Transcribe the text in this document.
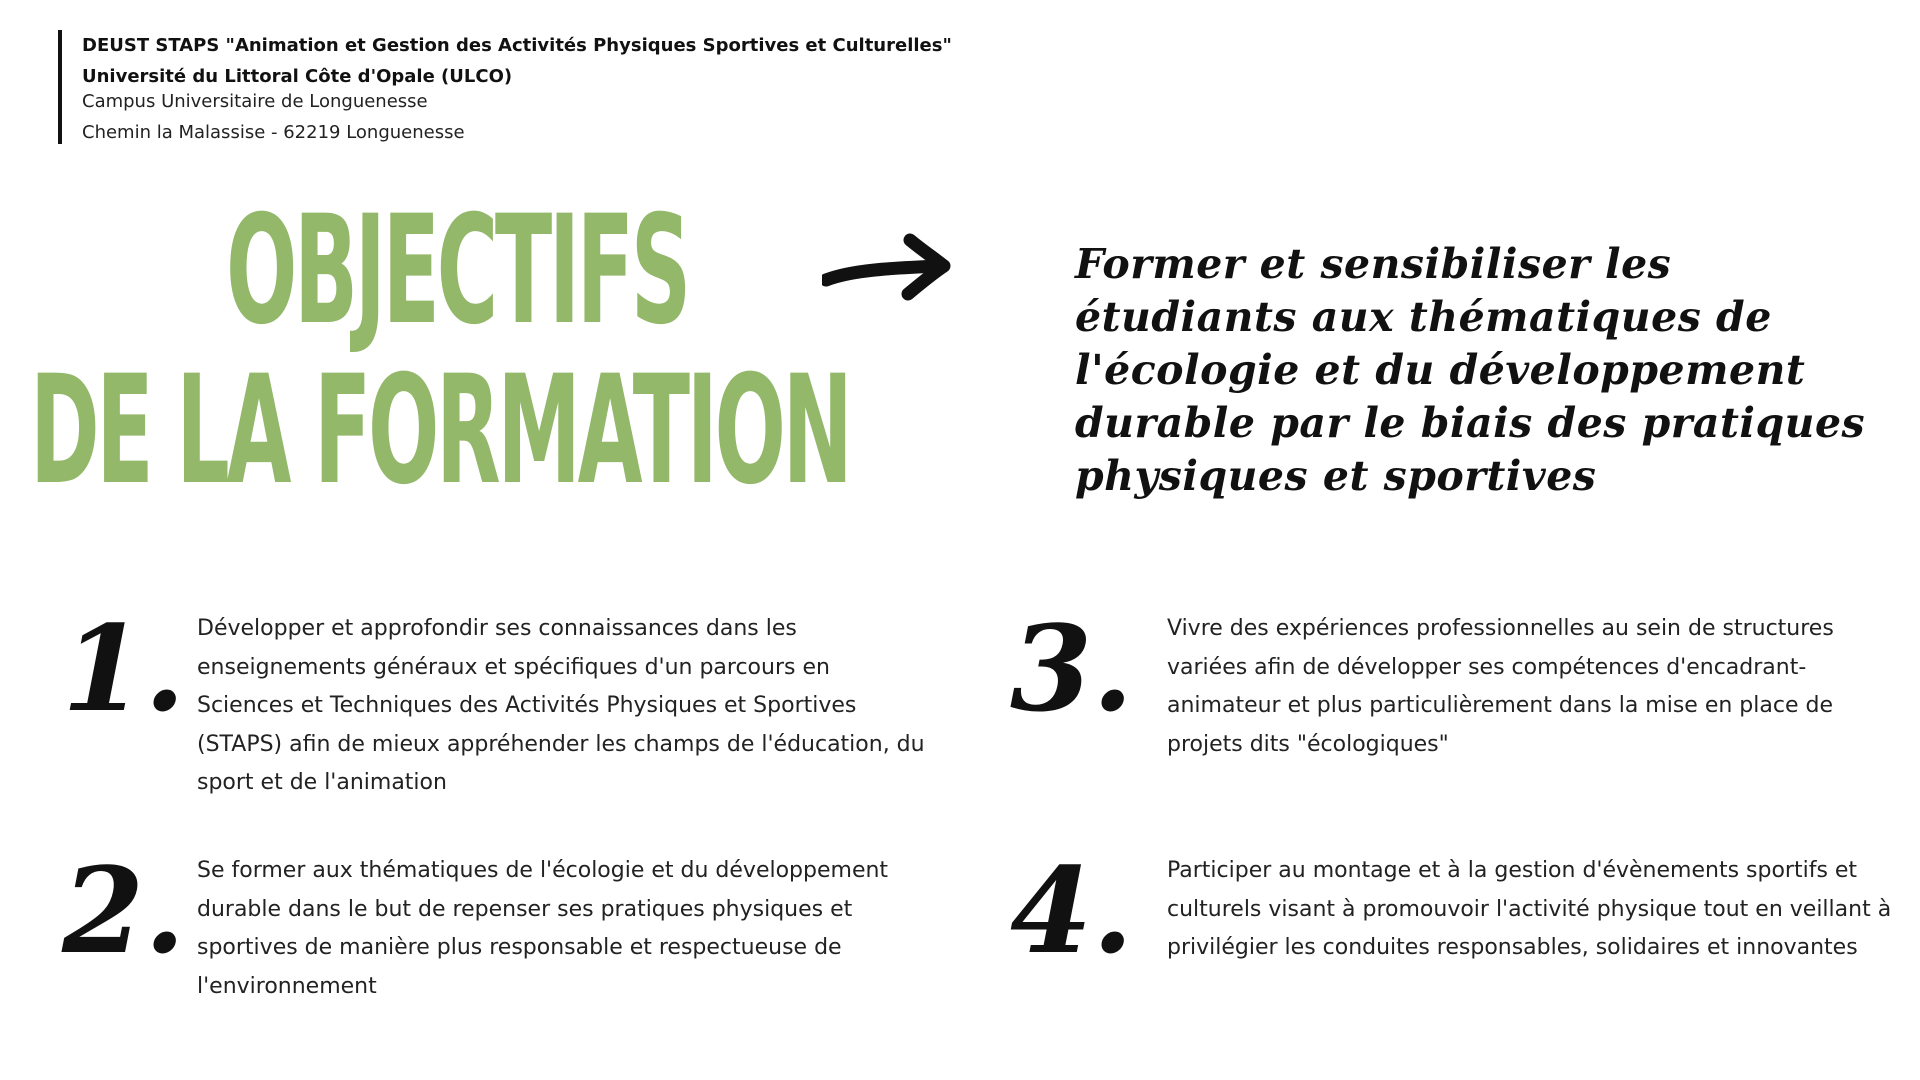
DEUST STAPS "Animation et Gestion des Activités Physiques Sportives et Culturelles"
Université du Littoral Côte d'Opale (ULCO)
Campus Universitaire de Longuenesse
Chemin la Malassise - 62219 Longuenesse
OBJECTIFS
DE LA FORMATION
Former et sensibiliser les étudiants aux thématiques de l'écologie et du développement durable par le biais des pratiques physiques et sportives
1. Développer et approfondir ses connaissances dans les enseignements généraux et spécifiques d'un parcours en Sciences et Techniques des Activités Physiques et Sportives (STAPS) afin de mieux appréhender les champs de l'éducation, du sport et de l'animation
2. Se former aux thématiques de l'écologie et du développement durable dans le but de repenser ses pratiques physiques et sportives de manière plus responsable et respectueuse de l'environnement
3. Vivre des expériences professionnelles au sein de structures variées afin de développer ses compétences d'encadrant-animateur et plus particulièrement dans la mise en place de projets dits "écologiques"
4. Participer au montage et à la gestion d'évènements sportifs et culturels visant à promouvoir l'activité physique tout en veillant à privilégier les conduites responsables, solidaires et innovantes
